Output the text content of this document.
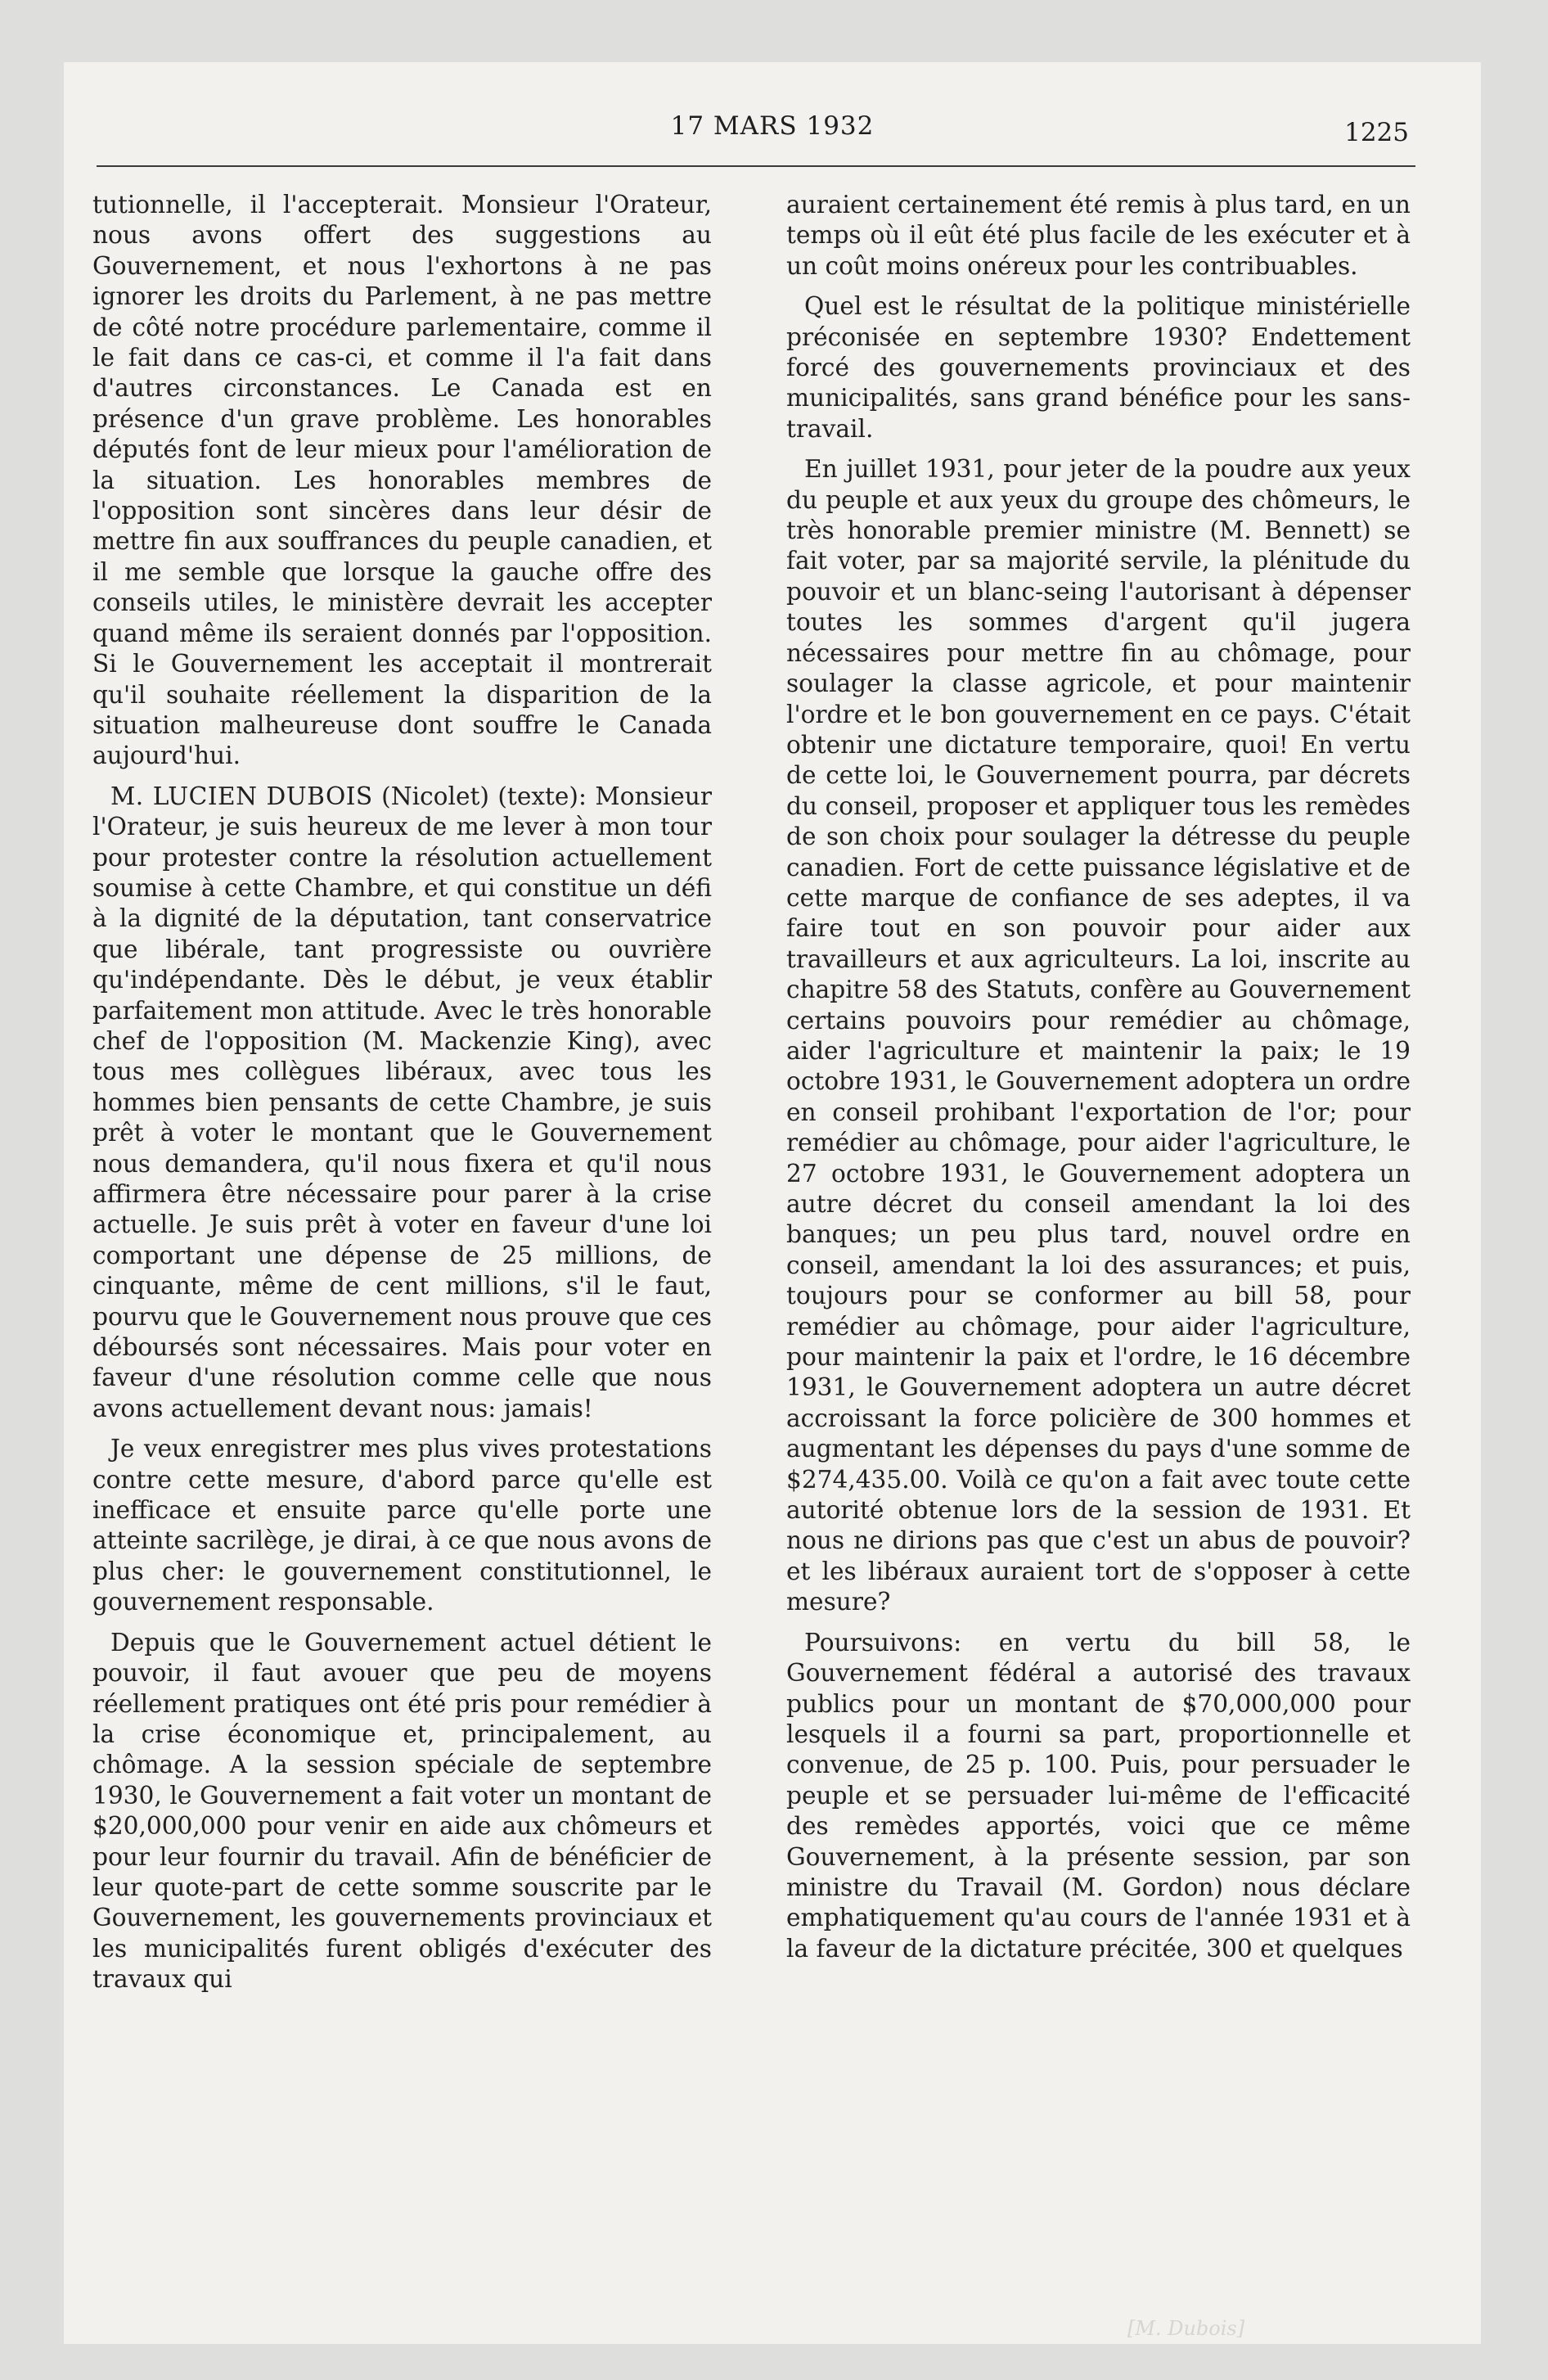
17 MARS 1932	1225

tutionnelle, il l'accepterait. Monsieur l'Orateur, nous avons offert des suggestions au Gouvernement, et nous l'exhortons à ne pas ignorer les droits du Parlement, à ne pas mettre de côté notre procédure parlementaire, comme il le fait dans ce cas-ci, et comme il l'a fait dans d'autres circonstances. Le Canada est en présence d'un grave problème. Les honorables députés font de leur mieux pour l'amélioration de la situation. Les honorables membres de l'opposition sont sincères dans leur désir de mettre fin aux souffrances du peuple canadien, et il me semble que lorsque la gauche offre des conseils utiles, le ministère devrait les accepter quand même ils seraient donnés par l'opposition. Si le Gouvernement les acceptait il montrerait qu'il souhaite réellement la disparition de la situation malheureuse dont souffre le Canada aujourd'hui.

M. LUCIEN DUBOIS (Nicolet) (texte): Monsieur l'Orateur, je suis heureux de me lever à mon tour pour protester contre la résolution actuellement soumise à cette Chambre, et qui constitue un défi à la dignité de la députation, tant conservatrice que libérale, tant progressiste ou ouvrière qu'indépendante. Dès le début, je veux établir parfaitement mon attitude. Avec le très honorable chef de l'opposition (M. Mackenzie King), avec tous mes collègues libéraux, avec tous les hommes bien pensants de cette Chambre, je suis prêt à voter le montant que le Gouvernement nous demandera, qu'il nous fixera et qu'il nous affirmera être nécessaire pour parer à la crise actuelle. Je suis prêt à voter en faveur d'une loi comportant une dépense de 25 millions, de cinquante, même de cent millions, s'il le faut, pourvu que le Gouvernement nous prouve que ces déboursés sont nécessaires. Mais pour voter en faveur d'une résolution comme celle que nous avons actuellement devant nous: jamais!

Je veux enregistrer mes plus vives protestations contre cette mesure, d'abord parce qu'elle est inefficace et ensuite parce qu'elle porte une atteinte sacrilège, je dirai, à ce que nous avons de plus cher: le gouvernement constitutionnel, le gouvernement responsable.

Depuis que le Gouvernement actuel détient le pouvoir, il faut avouer que peu de moyens réellement pratiques ont été pris pour remédier à la crise économique et, principalement, au chômage. A la session spéciale de septembre 1930, le Gouvernement a fait voter un montant de $20,000,000 pour venir en aide aux chômeurs et pour leur fournir du travail. Afin de bénéficier de leur quote-part de cette somme souscrite par le Gouvernement, les gouvernements provinciaux et les municipalités furent obligés d'exécuter des travaux qui

auraient certainement été remis à plus tard, en un temps où il eût été plus facile de les exécuter et à un coût moins onéreux pour les contribuables.

Quel est le résultat de la politique ministérielle préconisée en septembre 1930? Endettement forcé des gouvernements provinciaux et des municipalités, sans grand bénéfice pour les sans-travail.

En juillet 1931, pour jeter de la poudre aux yeux du peuple et aux yeux du groupe des chômeurs, le très honorable premier ministre (M. Bennett) se fait voter, par sa majorité servile, la plénitude du pouvoir et un blanc-seing l'autorisant à dépenser toutes les sommes d'argent qu'il jugera nécessaires pour mettre fin au chômage, pour soulager la classe agricole, et pour maintenir l'ordre et le bon gouvernement en ce pays. C'était obtenir une dictature temporaire, quoi! En vertu de cette loi, le Gouvernement pourra, par décrets du conseil, proposer et appliquer tous les remèdes de son choix pour soulager la détresse du peuple canadien. Fort de cette puissance législative et de cette marque de confiance de ses adeptes, il va faire tout en son pouvoir pour aider aux travailleurs et aux agriculteurs. La loi, inscrite au chapitre 58 des Statuts, confère au Gouvernement certains pouvoirs pour remédier au chômage, aider l'agriculture et maintenir la paix; le 19 octobre 1931, le Gouvernement adoptera un ordre en conseil prohibant l'exportation de l'or; pour remédier au chômage, pour aider l'agriculture, le 27 octobre 1931, le Gouvernement adoptera un autre décret du conseil amendant la loi des banques; un peu plus tard, nouvel ordre en conseil, amendant la loi des assurances; et puis, toujours pour se conformer au bill 58, pour remédier au chômage, pour aider l'agriculture, pour maintenir la paix et l'ordre, le 16 décembre 1931, le Gouvernement adoptera un autre décret accroissant la force policière de 300 hommes et augmentant les dépenses du pays d'une somme de $274,435.00. Voilà ce qu'on a fait avec toute cette autorité obtenue lors de la session de 1931. Et nous ne dirions pas que c'est un abus de pouvoir? et les libéraux auraient tort de s'opposer à cette mesure?

Poursuivons: en vertu du bill 58, le Gouvernement fédéral a autorisé des travaux publics pour un montant de $70,000,000 pour lesquels il a fourni sa part, proportionnelle et convenue, de 25 p. 100. Puis, pour persuader le peuple et se persuader lui-même de l'efficacité des remèdes apportés, voici que ce même Gouvernement, à la présente session, par son ministre du Travail (M. Gordon) nous déclare emphatiquement qu'au cours de l'année 1931 et à la faveur de la dictature précitée, 300 et quelques

[M. Dubois]
